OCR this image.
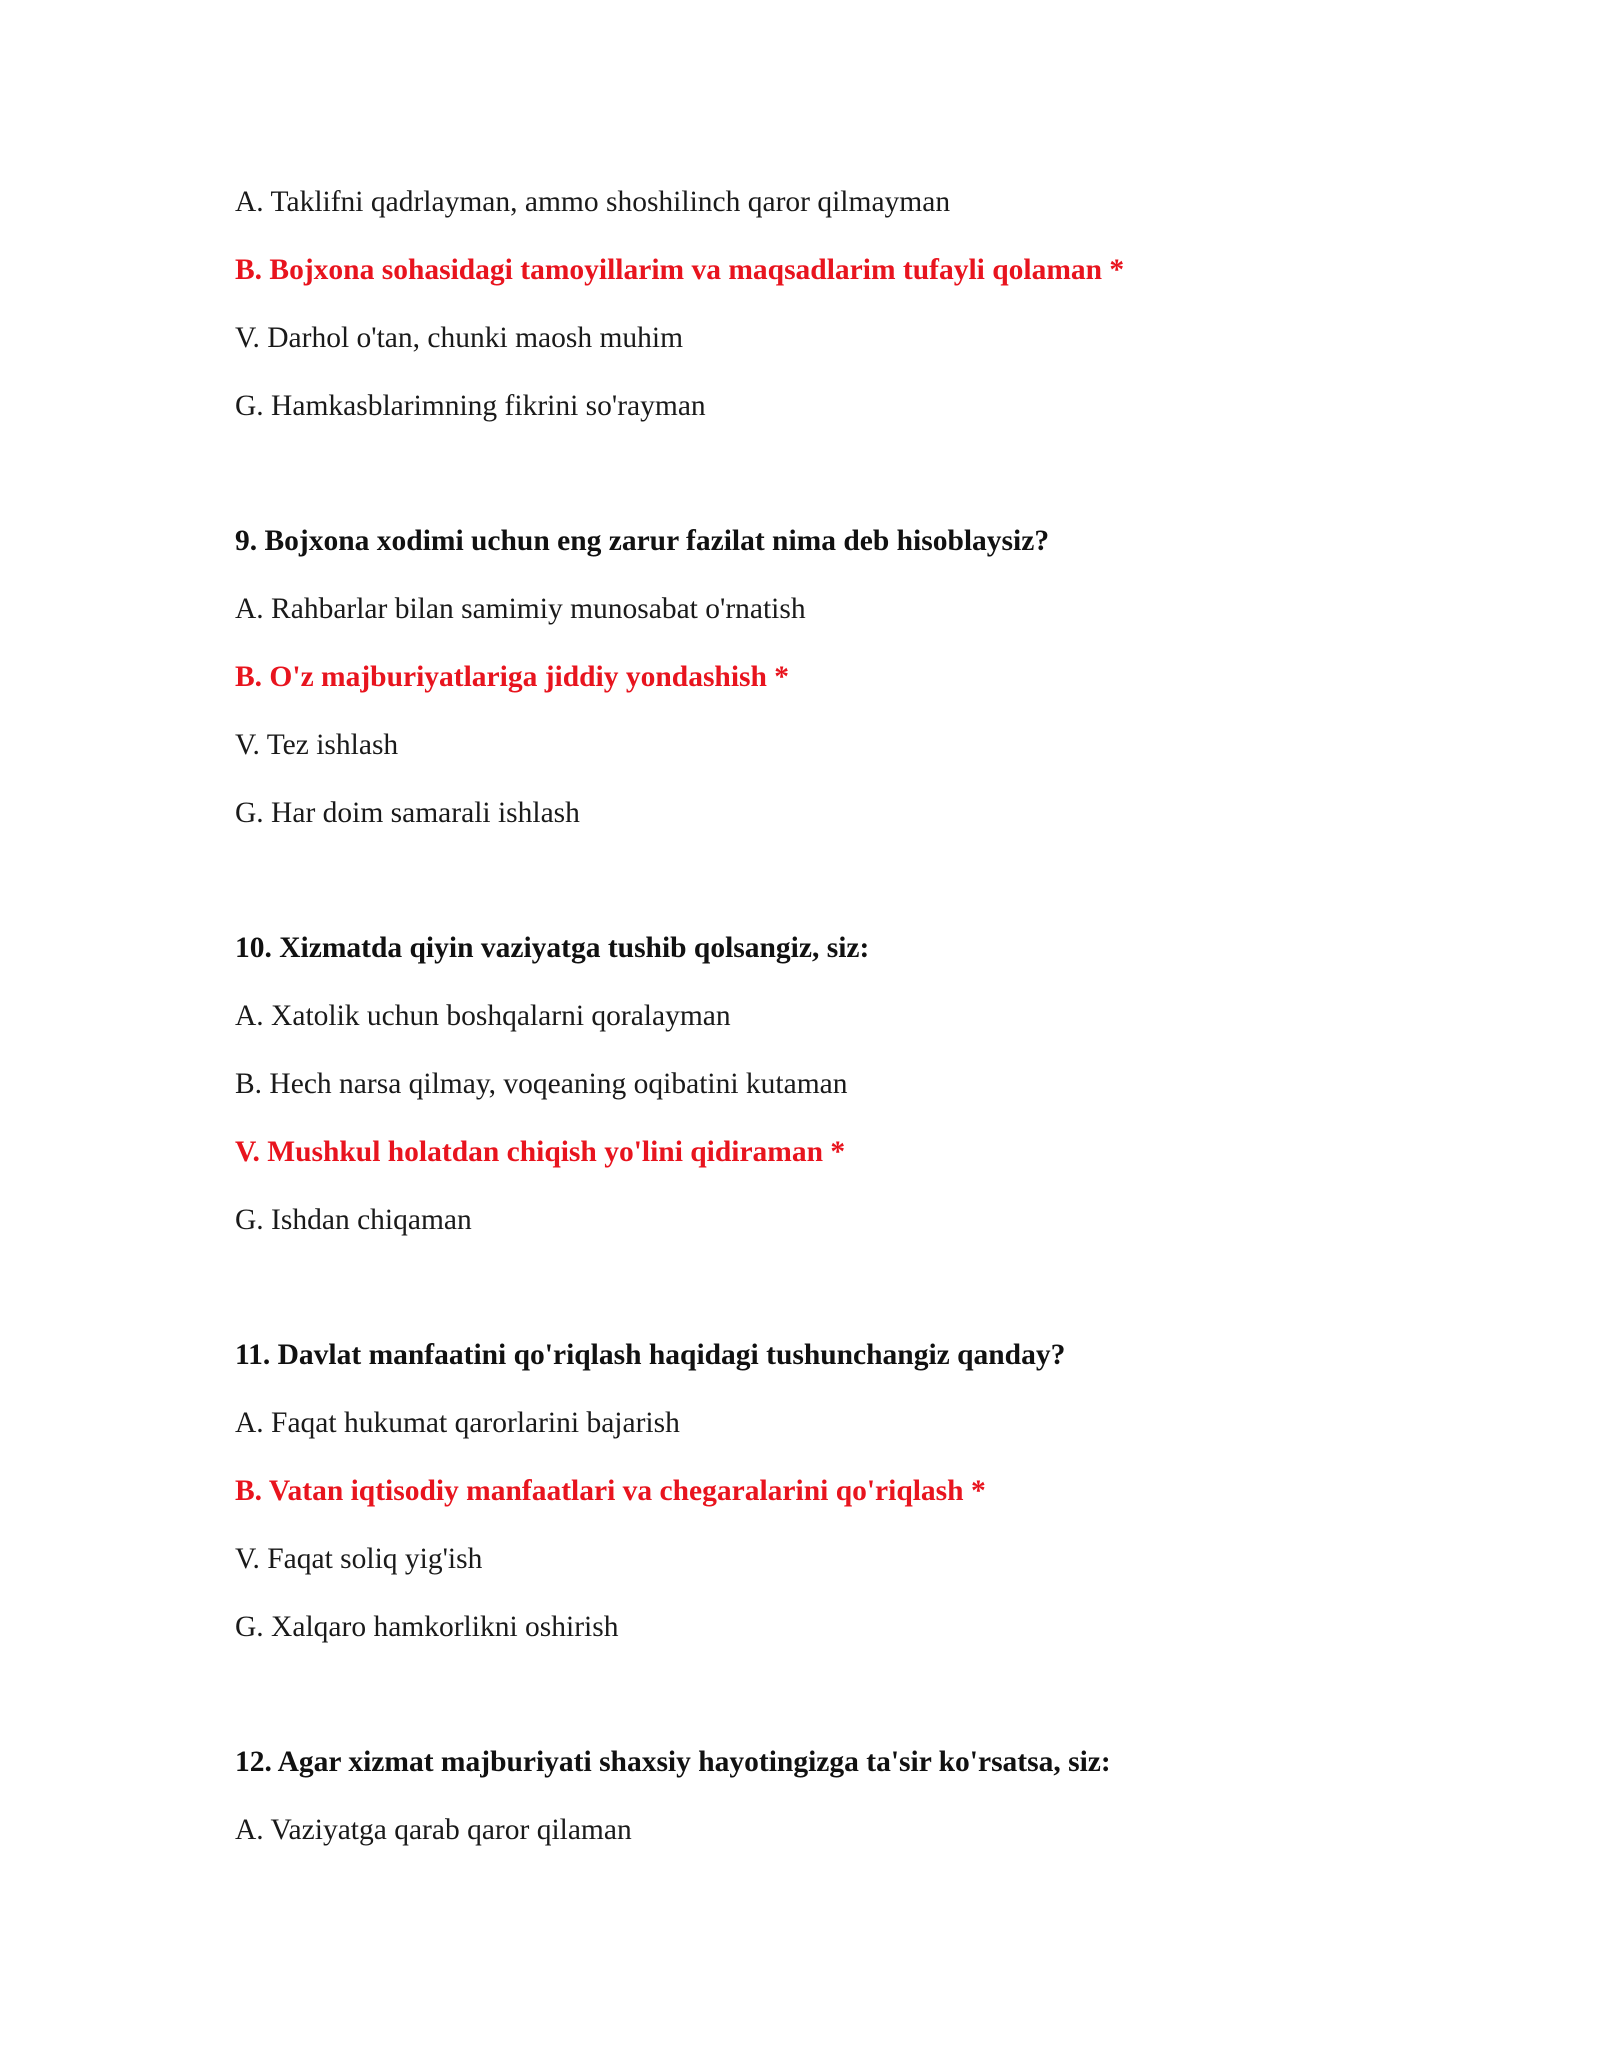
A. Taklifni qadrlayman, ammo shoshilinch qaror qilmayman
B. Bojxona sohasidagi tamoyillarim va maqsadlarim tufayli qolaman *
V. Darhol o'tan, chunki maosh muhim
G. Hamkasblarimning fikrini so'rayman
9. Bojxona xodimi uchun eng zarur fazilat nima deb hisoblaysiz?
A. Rahbarlar bilan samimiy munosabat o'rnatish
B. O'z majburiyatlariga jiddiy yondashish *
V. Tez ishlash
G. Har doim samarali ishlash
10. Xizmatda qiyin vaziyatga tushib qolsangiz, siz:
A. Xatolik uchun boshqalarni qoralayman
B. Hech narsa qilmay, voqeaning oqibatini kutaman
V. Mushkul holatdan chiqish yo'lini qidiraman *
G. Ishdan chiqaman
11. Davlat manfaatini qo'riqlash haqidagi tushunchangiz qanday?
A. Faqat hukumat qarorlarini bajarish
B. Vatan iqtisodiy manfaatlari va chegaralarini qo'riqlash *
V. Faqat soliq yig'ish
G. Xalqaro hamkorlikni oshirish
12. Agar xizmat majburiyati shaxsiy hayotingizga ta'sir ko'rsatsa, siz:
A. Vaziyatga qarab qaror qilaman
